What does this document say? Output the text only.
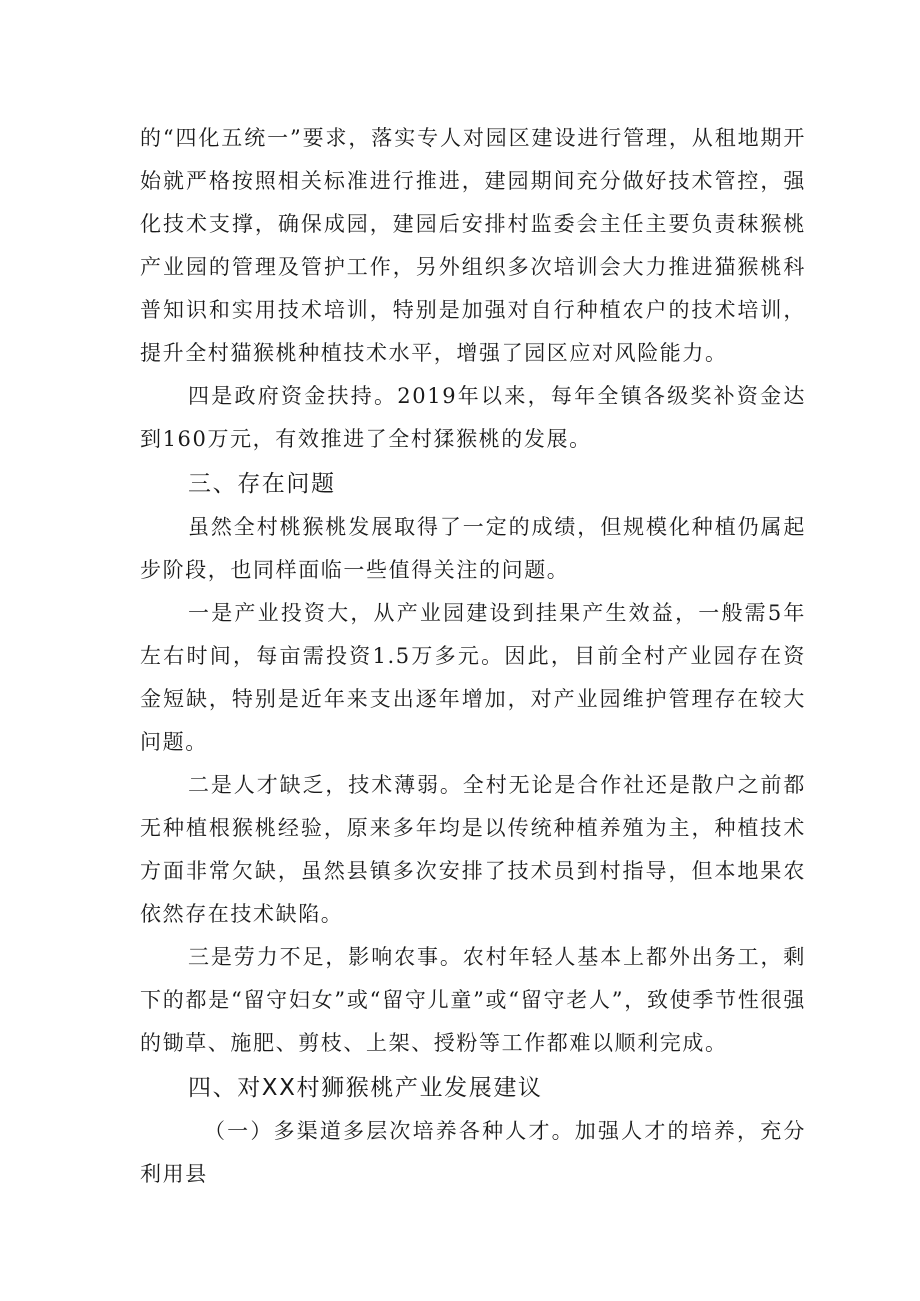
的“四化五统一”要求，落实专人对园区建设进行管理，从租地期开始就严格按照相关标准进行推进，建园期间充分做好技术管控，强化技术支撑，确保成园，建园后安排村监委会主任主要负责秣猴桃产业园的管理及管护工作，另外组织多次培训会大力推进猫猴桃科普知识和实用技术培训，特别是加强对自行种植农户的技术培训，提升全村猫猴桃种植技术水平，增强了园区应对风险能力。

四是政府资金扶持。2019年以来，每年全镇各级奖补资金达到160万元，有效推进了全村猱猴桃的发展。

三、存在问题

虽然全村桃猴桃发展取得了一定的成绩，但规模化种植仍属起步阶段，也同样面临一些值得关注的问题。

一是产业投资大，从产业园建设到挂果产生效益，一般需5年左右时间，每亩需投资1.5万多元。因此，目前全村产业园存在资金短缺，特别是近年来支出逐年增加，对产业园维护管理存在较大问题。

二是人才缺乏，技术薄弱。全村无论是合作社还是散户之前都无种植根猴桃经验，原来多年均是以传统种植养殖为主，种植技术方面非常欠缺，虽然县镇多次安排了技术员到村指导，但本地果农依然存在技术缺陷。

三是劳力不足，影响农事。农村年轻人基本上都外出务工，剩下的都是“留守妇女”或“留守儿童”或“留守老人”，致使季节性很强的锄草、施肥、剪枝、上架、授粉等工作都难以顺利完成。

四、对XX村狮猴桃产业发展建议

（一）多渠道多层次培养各种人才。加强人才的培养，充分利用县
